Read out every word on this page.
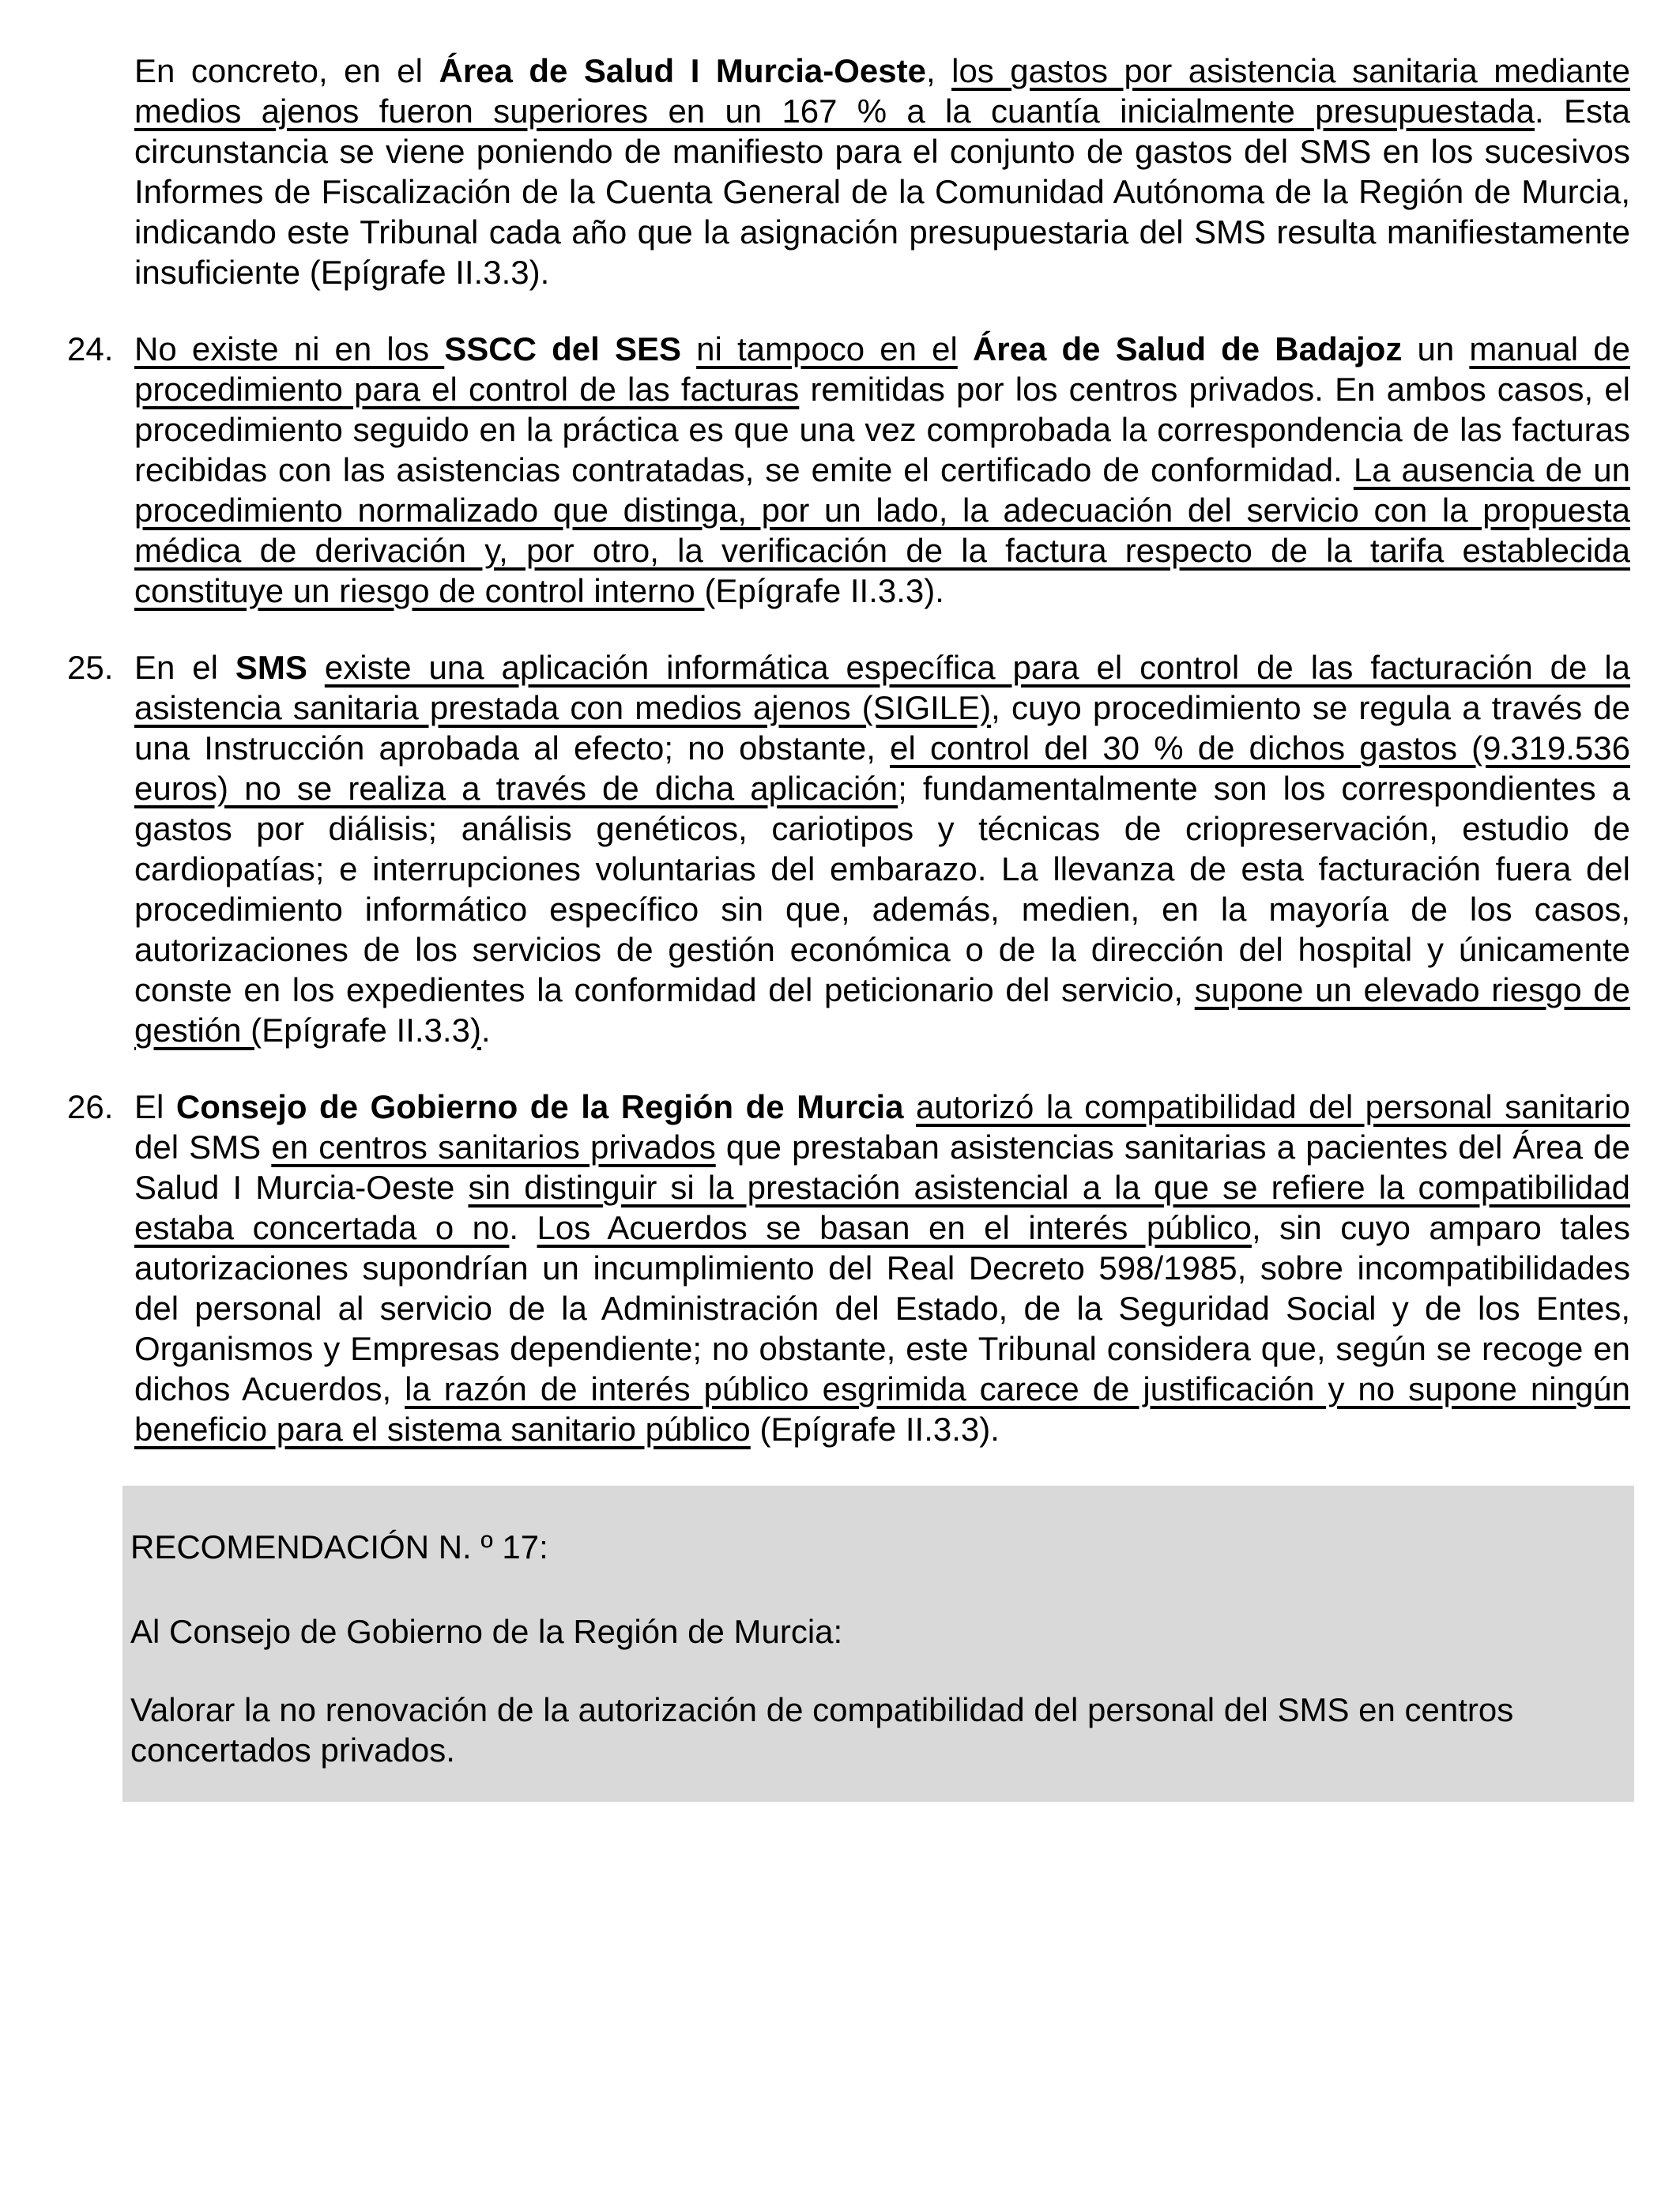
En concreto, en el Área de Salud I Murcia-Oeste, los gastos por asistencia sanitaria mediante medios ajenos fueron superiores en un 167 % a la cuantía inicialmente presupuestada. Esta circunstancia se viene poniendo de manifiesto para el conjunto de gastos del SMS en los sucesivos Informes de Fiscalización de la Cuenta General de la Comunidad Autónoma de la Región de Murcia, indicando este Tribunal cada año que la asignación presupuestaria del SMS resulta manifiestamente insuficiente (Epígrafe II.3.3).

24. No existe ni en los SSCC del SES ni tampoco en el Área de Salud de Badajoz un manual de procedimiento para el control de las facturas remitidas por los centros privados. En ambos casos, el procedimiento seguido en la práctica es que una vez comprobada la correspondencia de las facturas recibidas con las asistencias contratadas, se emite el certificado de conformidad. La ausencia de un procedimiento normalizado que distinga, por un lado, la adecuación del servicio con la propuesta médica de derivación y, por otro, la verificación de la factura respecto de la tarifa establecida constituye un riesgo de control interno (Epígrafe II.3.3).
25. En el SMS existe una aplicación informática específica para el control de las facturación de la asistencia sanitaria prestada con medios ajenos (SIGILE), cuyo procedimiento se regula a través de una Instrucción aprobada al efecto; no obstante, el control del 30 % de dichos gastos (9.319.536 euros) no se realiza a través de dicha aplicación; fundamentalmente son los correspondientes a gastos por diálisis; análisis genéticos, cariotipos y técnicas de criopreservación, estudio de cardiopatías; e interrupciones voluntarias del embarazo. La llevanza de esta facturación fuera del procedimiento informático específico sin que, además, medien, en la mayoría de los casos, autorizaciones de los servicios de gestión económica o de la dirección del hospital y únicamente conste en los expedientes la conformidad del peticionario del servicio, supone un elevado riesgo de gestión (Epígrafe II.3.3).
26. El Consejo de Gobierno de la Región de Murcia autorizó la compatibilidad del personal sanitario del SMS en centros sanitarios privados que prestaban asistencias sanitarias a pacientes del Área de Salud I Murcia-Oeste sin distinguir si la prestación asistencial a la que se refiere la compatibilidad estaba concertada o no. Los Acuerdos se basan en el interés público, sin cuyo amparo tales autorizaciones supondrían un incumplimiento del Real Decreto 598/1985, sobre incompatibilidades del personal al servicio de la Administración del Estado, de la Seguridad Social y de los Entes, Organismos y Empresas dependiente; no obstante, este Tribunal considera que, según se recoge en dichos Acuerdos, la razón de interés público esgrimida carece de justificación y no supone ningún beneficio para el sistema sanitario público (Epígrafe II.3.3).

RECOMENDACIÓN N. º 17:

Al Consejo de Gobierno de la Región de Murcia:

Valorar la no renovación de la autorización de compatibilidad del personal del SMS en centros concertados privados.
